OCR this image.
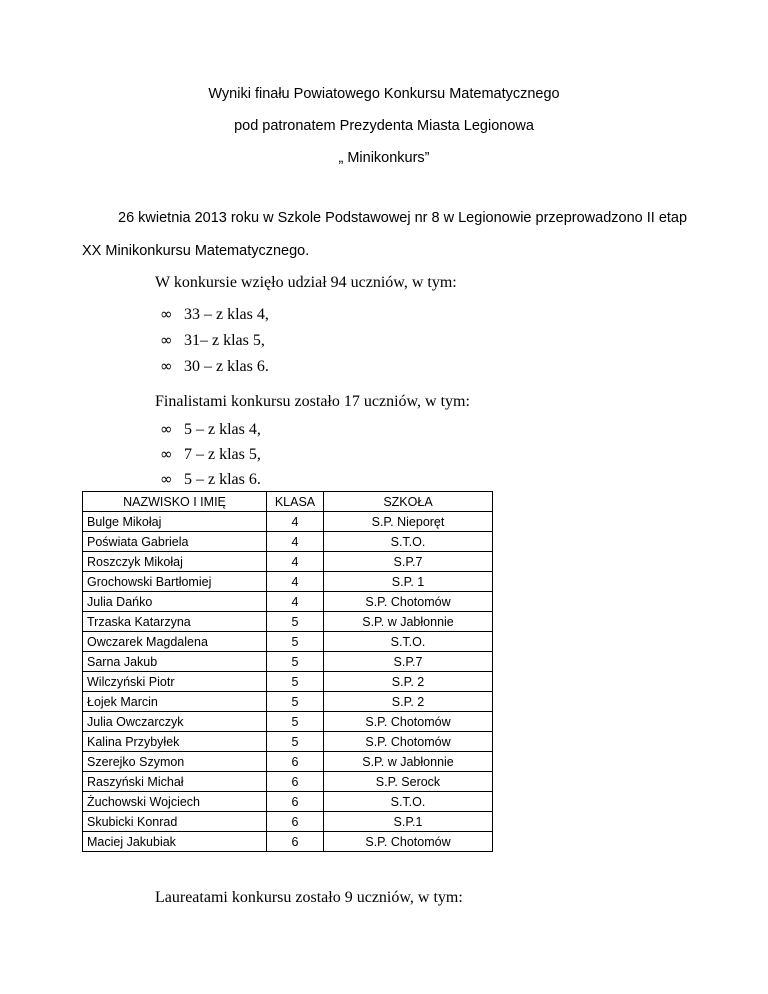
Wyniki finału Powiatowego Konkursu Matematycznego
pod patronatem Prezydenta Miasta Legionowa
„ Minikonkurs”
26 kwietnia 2013 roku w Szkole Podstawowej nr 8 w Legionowie przeprowadzono II etap
XX Minikonkursu Matematycznego.
W konkursie wzięło udział 94 uczniów, w tym:
∞ 33 – z klas 4,
∞ 31– z klas 5,
∞ 30 – z klas 6.
Finalistami konkursu zostało 17 uczniów, w tym:
∞ 5 – z klas 4,
∞ 7 – z klas 5,
∞ 5 – z klas 6.
NAZWISKO I IMIĘ	KLASA	SZKOŁA
Bulge Mikołaj	4	S.P. Nieporęt
Poświata Gabriela	4	S.T.O.
Roszczyk Mikołaj	4	S.P.7
Grochowski Bartłomiej	4	S.P. 1
Julia Dańko	4	S.P. Chotomów
Trzaska Katarzyna	5	S.P. w Jabłonnie
Owczarek Magdalena	5	S.T.O.
Sarna Jakub	5	S.P.7
Wilczyński Piotr	5	S.P. 2
Łojek Marcin	5	S.P. 2
Julia Owczarczyk	5	S.P. Chotomów
Kalina Przybyłek	5	S.P. Chotomów
Szerejko Szymon	6	S.P. w Jabłonnie
Raszyński Michał	6	S.P. Serock
Żuchowski Wojciech	6	S.T.O.
Skubicki Konrad	6	S.P.1
Maciej Jakubiak	6	S.P. Chotomów
Laureatami konkursu zostało 9 uczniów, w tym:
